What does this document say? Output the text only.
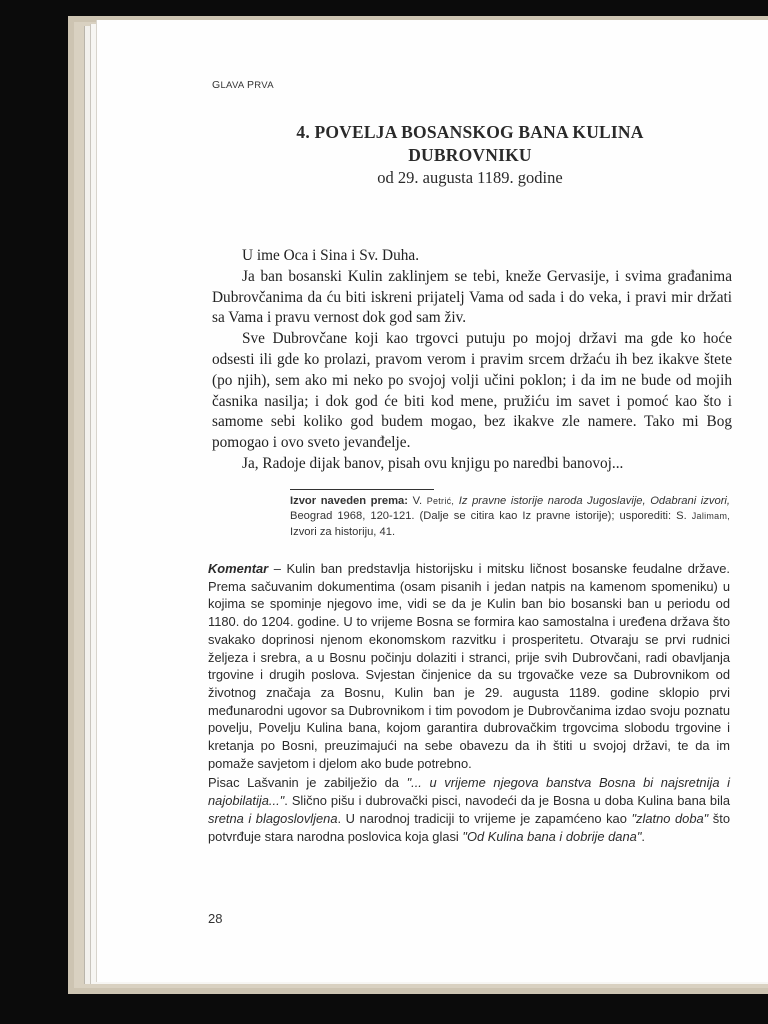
GLAVA PRVA
4. POVELJA BOSANSKOG BANA KULINA
DUBROVNIKU
od 29. augusta 1189. godine

U ime Oca i Sina i Sv. Duha.

Ja ban bosanski Kulin zaklinjem se tebi, kneže Gervasije, i svima građanima Dubrovčanima da ću biti iskreni prijatelj Vama od sada i do veka, i pravi mir držati sa Vama i pravu vernost dok god sam živ.

Sve Dubrovčane koji kao trgovci putuju po mojoj državi ma gde ko hoće odsesti ili gde ko prolazi, pravom verom i pravim srcem držaću ih bez ikakve štete (po njih), sem ako mi neko po svojoj volji učini poklon; i da im ne bude od mojih časnika nasilja; i dok god će biti kod mene, pružiću im savet i pomoć kao što i samome sebi koliko god budem mogao, bez ikakve zle namere. Tako mi Bog pomogao i ovo sveto jevanđelje.

Ja, Radoje dijak banov, pisah ovu knjigu po naredbi banovoj...

Izvor naveden prema: V. Petrić, Iz pravne istorije naroda Jugoslavije, Odabrani izvori, Beograd 1968, 120-121. (Dalje se citira kao Iz pravne istorije); usporediti: S. Jalimam, Izvori za historiju, 41.

Komentar – Kulin ban predstavlja historijsku i mitsku ličnost bosanske feudalne države. Prema sačuvanim dokumentima (osam pisanih i jedan natpis na kamenom spomeniku) u kojima se spominje njegovo ime, vidi se da je Kulin ban bio bosanski ban u periodu od 1180. do 1204. godine. U to vrijeme Bosna se formira kao samostalna i uređena država što svakako doprinosi njenom ekonomskom razvitku i prosperitetu. Otvaraju se prvi rudnici željeza i srebra, a u Bosnu počinju dolaziti i stranci, prije svih Dubrovčani, radi obavljanja trgovine i drugih poslova. Svjestan činjenice da su trgovačke veze sa Dubrovnikom od životnog značaja za Bosnu, Kulin ban je 29. augusta 1189. godine sklopio prvi međunarodni ugovor sa Dubrovnikom i tim povodom je Dubrovčanima izdao svoju poznatu povelju, Povelju Kulina bana, kojom garantira dubrovačkim trgovcima slobodu trgovine i kretanja po Bosni, preuzimajući na sebe obavezu da ih štiti u svojoj državi, te da im pomaže savjetom i djelom ako bude potrebno.

Pisac Lašvanin je zabilježio da "... u vrijeme njegova banstva Bosna bi najsretnija i najobilatija...". Slično pišu i dubrovački pisci, navodeći da je Bosna u doba Kulina bana bila sretna i blagoslovljena. U narodnoj tradiciji to vrijeme je zapamćeno kao "zlatno doba" što potvrđuje stara narodna poslovica koja glasi "Od Kulina bana i dobrije dana".

28
